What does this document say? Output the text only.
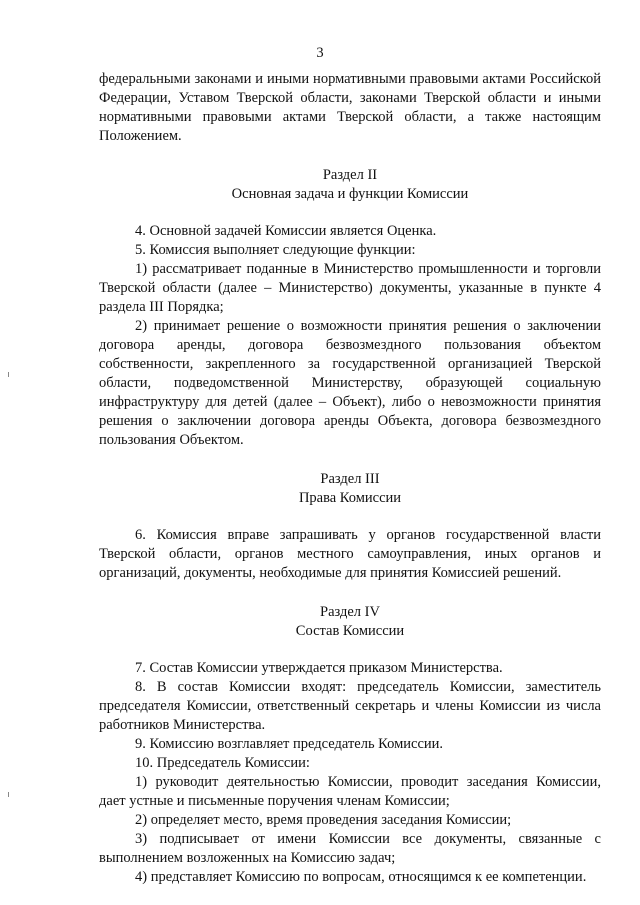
3

федеральными законами и иными нормативными правовыми актами Российской Федерации, Уставом Тверской области, законами Тверской области и иными нормативными правовыми актами Тверской области, а также настоящим Положением.

Раздел II

Основная задача и функции Комиссии

4. Основной задачей Комиссии является Оценка.

5. Комиссия выполняет следующие функции:

1) рассматривает поданные в Министерство промышленности и торговли Тверской области (далее – Министерство) документы, указанные в пункте 4 раздела III Порядка;

2) принимает решение о возможности принятия решения о заключении договора аренды, договора безвозмездного пользования объектом собственности, закрепленного за государственной организацией Тверской области, подведомственной Министерству, образующей социальную инфраструктуру для детей (далее – Объект), либо о невозможности принятия решения о заключении договора аренды Объекта, договора безвозмездного пользования Объектом.

Раздел III

Права Комиссии

6. Комиссия вправе запрашивать у органов государственной власти Тверской области, органов местного самоуправления, иных органов и организаций, документы, необходимые для принятия Комиссией решений.

Раздел IV

Состав Комиссии

7. Состав Комиссии утверждается приказом Министерства.

8. В состав Комиссии входят: председатель Комиссии, заместитель председателя Комиссии, ответственный секретарь и члены Комиссии из числа работников Министерства.

9. Комиссию возглавляет председатель Комиссии.

10. Председатель Комиссии:

1) руководит деятельностью Комиссии, проводит заседания Комиссии, дает устные и письменные поручения членам Комиссии;

2) определяет место, время проведения заседания Комиссии;

3) подписывает от имени Комиссии все документы, связанные с выполнением возложенных на Комиссию задач;

4) представляет Комиссию по вопросам, относящимся к ее компетенции.
